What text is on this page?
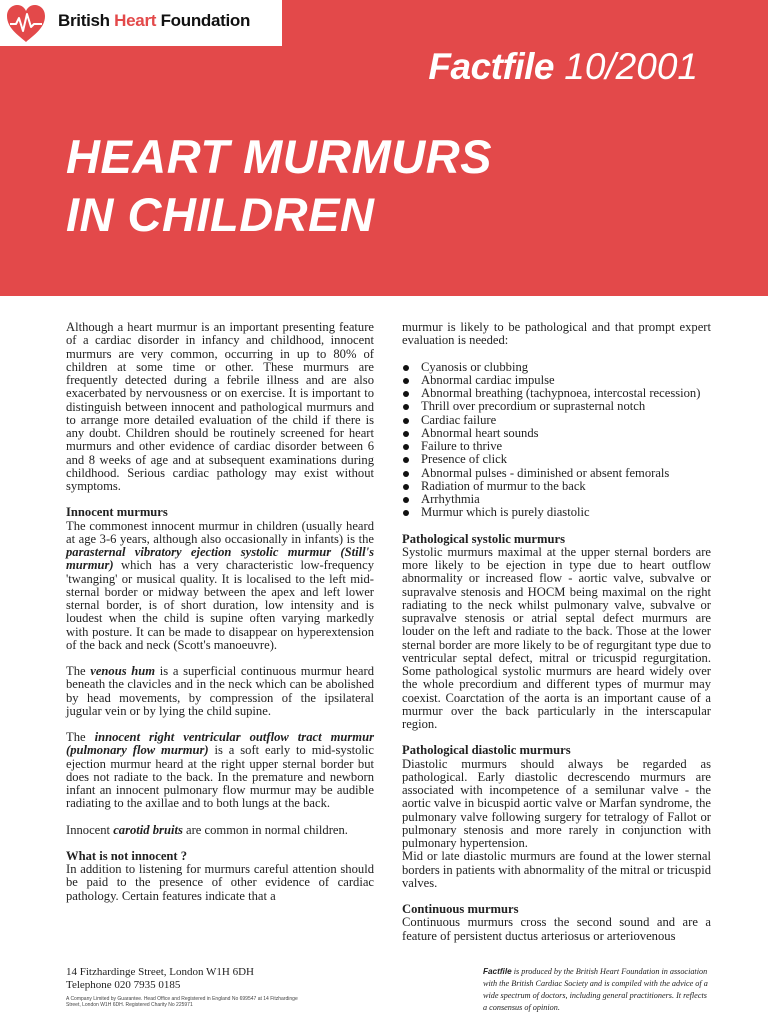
British Heart Foundation
Factfile 10/2001
HEART MURMURS
IN CHILDREN

Although a heart murmur is an important presenting feature of a cardiac disorder in infancy and childhood, innocent murmurs are very common, occurring in up to 80% of children at some time or other. These murmurs are frequently detected during a febrile illness and are also exacerbated by nervousness or on exercise. It is important to distinguish between innocent and pathological murmurs and to arrange more detailed evaluation of the child if there is any doubt. Children should be routinely screened for heart murmurs and other evidence of cardiac disorder between 6 and 8 weeks of age and at subsequent examinations during childhood. Serious cardiac pathology may exist without symptoms.

Innocent murmurs

The commonest innocent murmur in children (usually heard at age 3-6 years, although also occasionally in infants) is the parasternal vibratory ejection systolic murmur (Still's murmur) which has a very characteristic low-frequency 'twanging' or musical quality. It is localised to the left mid-sternal border or midway between the apex and left lower sternal border, is of short duration, low intensity and is loudest when the child is supine often varying markedly with posture. It can be made to disappear on hyperextension of the back and neck (Scott's manoeuvre).

The venous hum is a superficial continuous murmur heard beneath the clavicles and in the neck which can be abolished by head movements, by compression of the ipsilateral jugular vein or by lying the child supine.

The innocent right ventricular outflow tract murmur (pulmonary flow murmur) is a soft early to mid-systolic ejection murmur heard at the right upper sternal border but does not radiate to the back. In the premature and newborn infant an innocent pulmonary flow murmur may be audible radiating to the axillae and to both lungs at the back.

Innocent carotid bruits are common in normal children.

What is not innocent ?

In addition to listening for murmurs careful attention should be paid to the presence of other evidence of cardiac pathology. Certain features indicate that a

murmur is likely to be pathological and that prompt expert evaluation is needed:

Cyanosis or clubbing
Abnormal cardiac impulse
Abnormal breathing (tachypnoea, intercostal recession)
Thrill over precordium or suprasternal notch
Cardiac failure
Abnormal heart sounds
Failure to thrive
Presence of click
Abnormal pulses - diminished or absent femorals
Radiation of murmur to the back
Arrhythmia
Murmur which is purely diastolic
Pathological systolic murmurs

Systolic murmurs maximal at the upper sternal borders are more likely to be ejection in type due to heart outflow abnormality or increased flow - aortic valve, subvalve or supravalve stenosis and HOCM being maximal on the right radiating to the neck whilst pulmonary valve, subvalve or supravalve stenosis or atrial septal defect murmurs are louder on the left and radiate to the back. Those at the lower sternal border are more likely to be of regurgitant type due to ventricular septal defect, mitral or tricuspid regurgitation. Some pathological systolic murmurs are heard widely over the whole precordium and different types of murmur may coexist. Coarctation of the aorta is an important cause of a murmur over the back particularly in the interscapular region.

Pathological diastolic murmurs

Diastolic murmurs should always be regarded as pathological. Early diastolic decrescendo murmurs are associated with incompetence of a semilunar valve - the aortic valve in bicuspid aortic valve or Marfan syndrome, the pulmonary valve following surgery for tetralogy of Fallot or pulmonary stenosis and more rarely in conjunction with pulmonary hypertension.

Mid or late diastolic murmurs are found at the lower sternal borders in patients with abnormality of the mitral or tricuspid valves.

Continuous murmurs

Continuous murmurs cross the second sound and are a feature of persistent ductus arteriosus or arteriovenous

14 Fitzhardinge Street, London W1H 6DH
Telephone 020 7935 0185
A Company Limited by Guarantee. Head Office and Registered in England No 699547 at 14 Fitzhardinge Street, London W1H 6DH. Registered Charity No 225971
Factfile is produced by the British Heart Foundation in association with the British Cardiac Society and is compiled with the advice of a wide spectrum of doctors, including general practitioners. It reflects a consensus of opinion.
